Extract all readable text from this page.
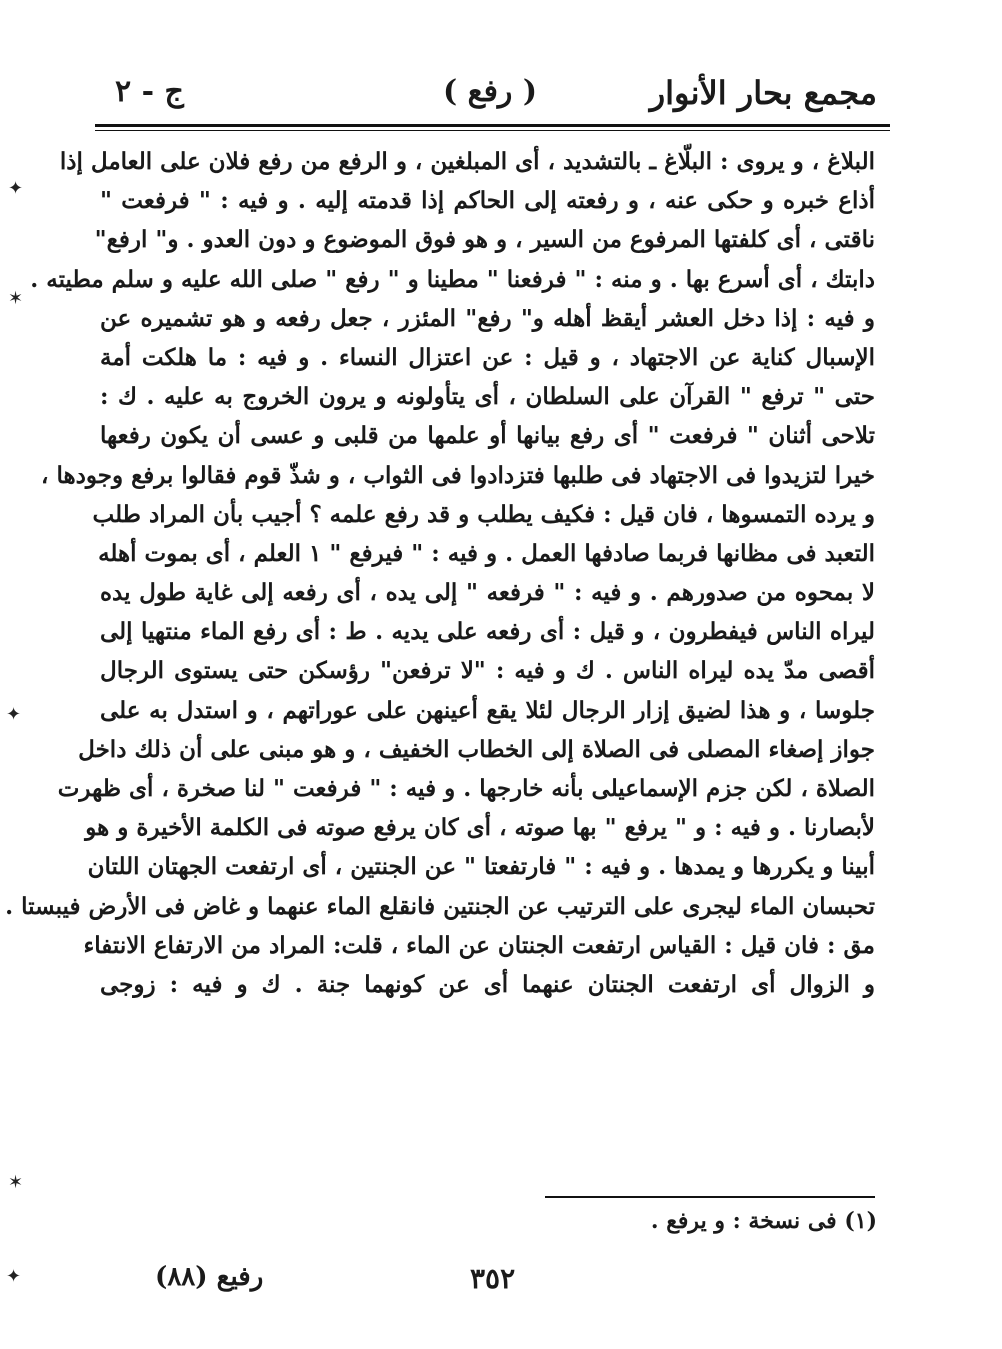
مجمع بحار الأنوار
( رفع )
ج - ٢
البلاغ ، و يروى : البلّاغ ـ بالتشديد ، أى المبلغين ، و الرفع من رفع فلان على العامل إذا
أذاع خبره و حكى عنه ، و رفعته إلى الحاكم إذا قدمته إليه . و فيه : " فرفعت "
ناقتى ، أى كلفتها المرفوع من السير ، و هو فوق الموضوع و دون العدو . و" ارفع"
دابتك ، أى أسرع بها . و منه : " فرفعنا " مطينا و " رفع " صلى الله عليه و سلم مطيته .
و فيه : إذا دخل العشر أيقظ أهله و" رفع" المئزر ، جعل رفعه و هو تشميره عن
الإسبال كناية عن الاجتهاد ، و قيل : عن اعتزال النساء . و فيه : ما هلكت أمة
حتى " ترفع " القرآن على السلطان ، أى يتأولونه و يرون الخروج به عليه . ك :
تلاحى أثنان " فرفعت " أى رفع بيانها أو علمها من قلبى و عسى أن يكون رفعها
خيرا لتزيدوا فى الاجتهاد فى طلبها فتزدادوا فى الثواب ، و شذّ قوم فقالوا برفع وجودها ،
و يرده التمسوها ، فان قيل : فكيف يطلب و قد رفع علمه ؟ أجيب بأن المراد طلب
التعبد فى مظانها فربما صادفها العمل . و فيه : " فيرفع " ١ العلم ، أى بموت أهله
لا بمحوه من صدورهم . و فيه : " فرفعه " إلى يده ، أى رفعه إلى غاية طول يده
ليراه الناس فيفطرون ، و قيل : أى رفعه على يديه . ط : أى رفع الماء منتهيا إلى
أقصى مدّ يده ليراه الناس . ك و فيه : "لا ترفعن" رؤسكن حتى يستوى الرجال
جلوسا ، و هذا لضيق إزار الرجال لئلا يقع أعينهن على عوراتهم ، و استدل به على
جواز إصغاء المصلى فى الصلاة إلى الخطاب الخفيف ، و هو مبنى على أن ذلك داخل
الصلاة ، لكن جزم الإسماعيلى بأنه خارجها . و فيه : " فرفعت " لنا صخرة ، أى ظهرت
لأبصارنا . و فيه : و " يرفع " بها صوته ، أى كان يرفع صوته فى الكلمة الأخيرة و هو
أبينا و يكررها و يمدها . و فيه : " فارتفعتا " عن الجنتين ، أى ارتفعت الجهتان اللتان
تحبسان الماء ليجرى على الترتيب عن الجنتين فانقلع الماء عنهما و غاض فى الأرض فيبستا .
مق : فان قيل : القياس ارتفعت الجنتان عن الماء ، قلت: المراد من الارتفاع الانتفاء
و الزوال أى ارتفعت الجنتان عنهما أى عن كونهما جنة . ك و فيه : زوجى
(١) فى نسخة : و يرفع .
٣٥٢
رفيع (٨٨)
✦
✶
✦
✶
✦
